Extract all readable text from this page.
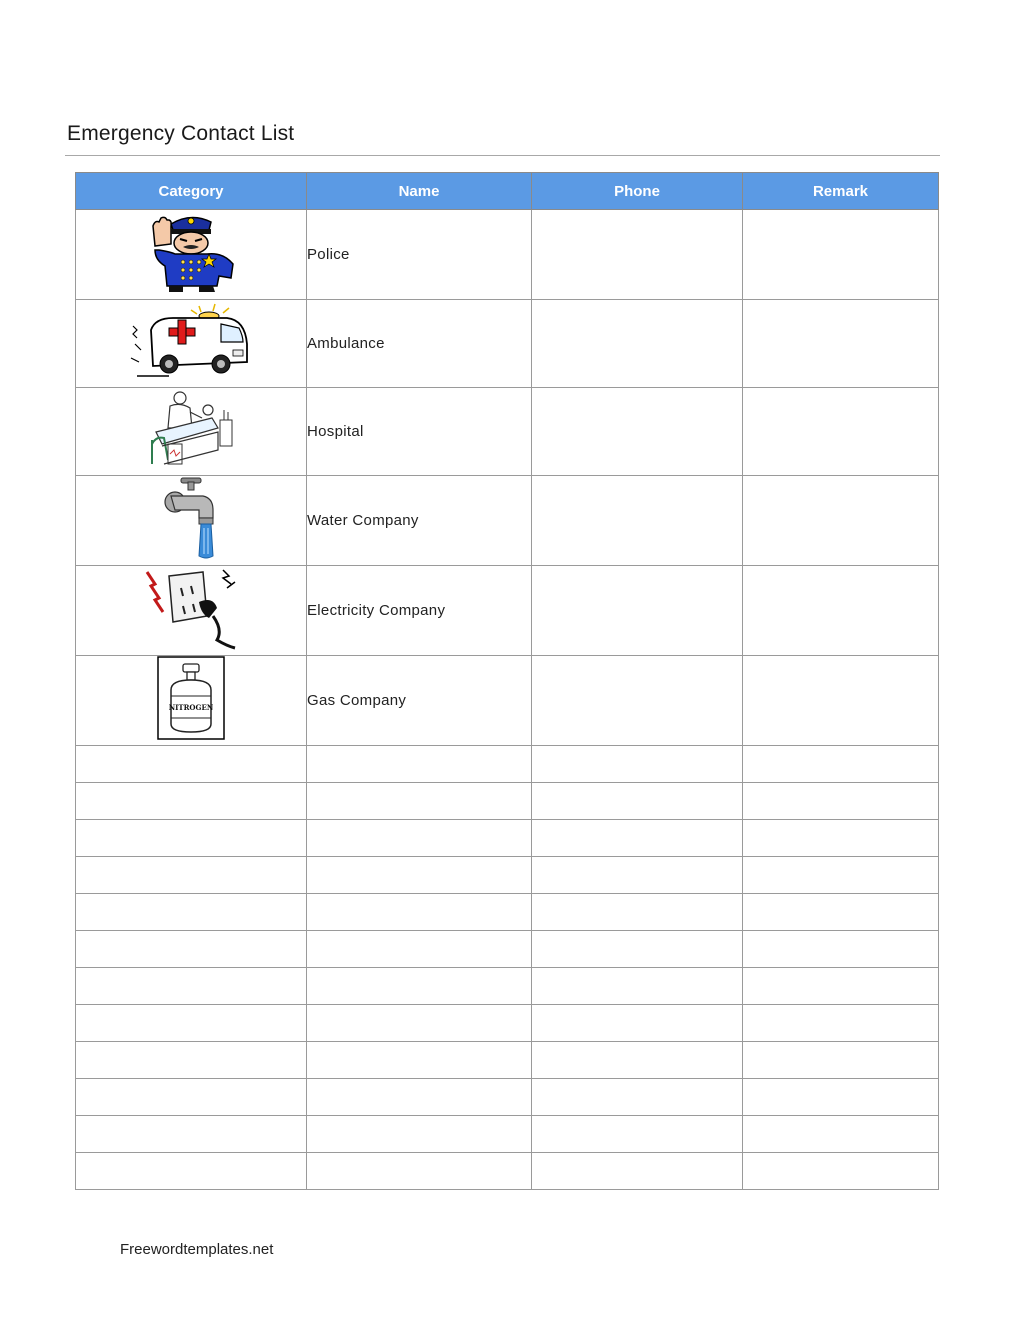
Emergency Contact List
Category	Name	Phone	Remark
	Police		
	Ambulance		
	Hospital		
	Water Company		
	Electricity Company		

NITROGEN	Gas Company		

Freewordtemplates.net
